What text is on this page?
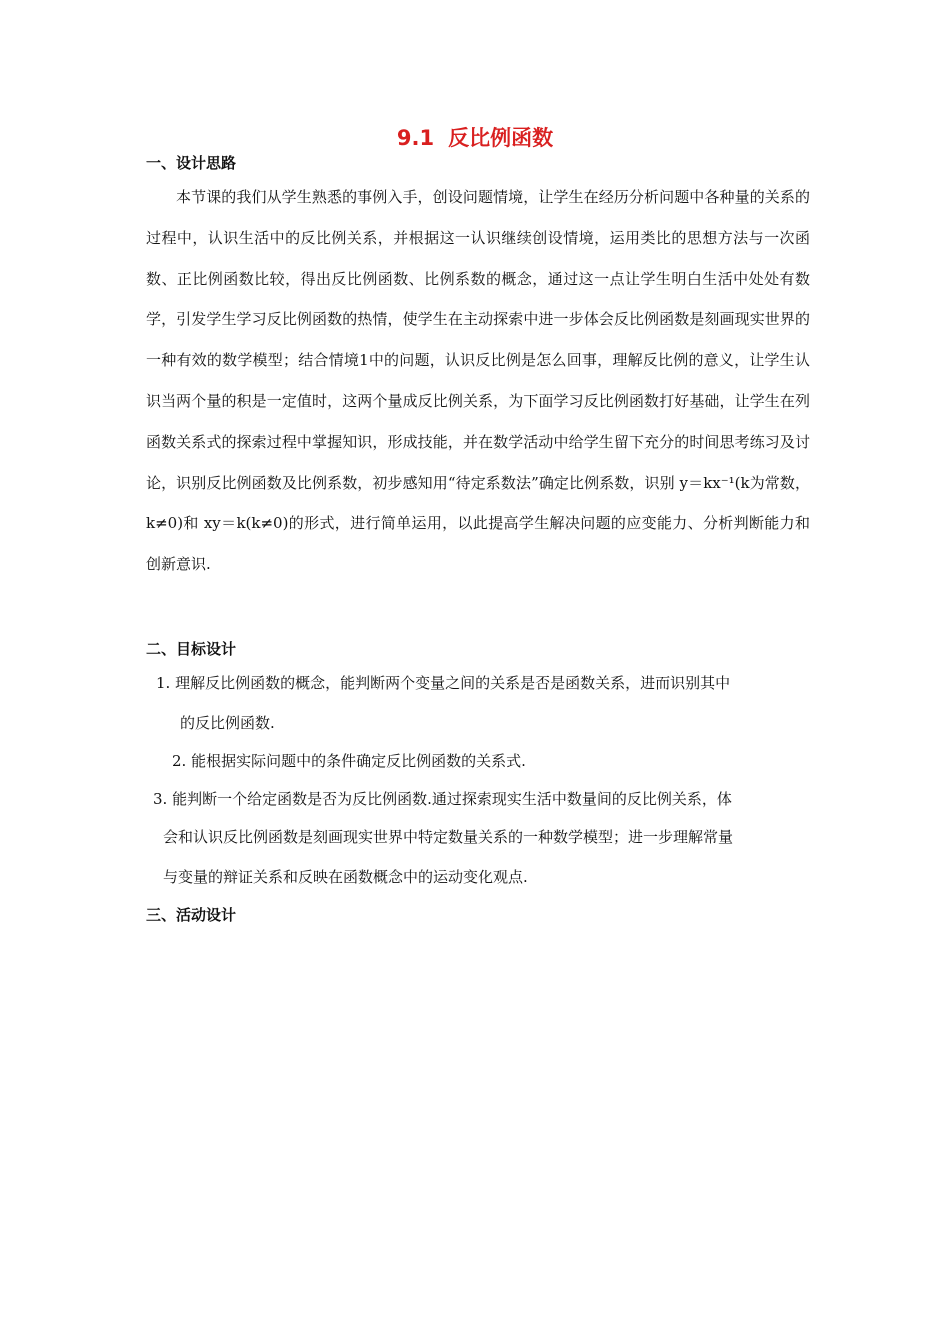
9.1 反比例函数
一、设计思路

本节课的我们从学生熟悉的事例入手，创设问题情境，让学生在经历分析问题中各种量的关系的过程中，认识生活中的反比例关系，并根据这一认识继续创设情境，运用类比的思想方法与一次函数、正比例函数比较，得出反比例函数、比例系数的概念，通过这一点让学生明白生活中处处有数学，引发学生学习反比例函数的热情，使学生在主动探索中进一步体会反比例函数是刻画现实世界的一种有效的数学模型；结合情境1中的问题，认识反比例是怎么回事，理解反比例的意义，让学生认识当两个量的积是一定值时，这两个量成反比例关系，为下面学习反比例函数打好基础，让学生在列函数关系式的探索过程中掌握知识，形成技能，并在数学活动中给学生留下充分的时间思考练习及讨论，识别反比例函数及比例系数，初步感知用“待定系数法”确定比例系数，识别 y＝kx⁻¹(k为常数，k≠0)和 xy＝k(k≠0)的形式，进行简单运用，以此提高学生解决问题的应变能力、分析判断能力和创新意识.

二、目标设计

1. 理解反比例函数的概念，能判断两个变量之间的关系是否是函数关系，进而识别其中

的反比例函数.

2. 能根据实际问题中的条件确定反比例函数的关系式.

3. 能判断一个给定函数是否为反比例函数.通过探索现实生活中数量间的反比例关系，体

会和认识反比例函数是刻画现实世界中特定数量关系的一种数学模型；进一步理解常量

与变量的辩证关系和反映在函数概念中的运动变化观点.

三、活动设计
